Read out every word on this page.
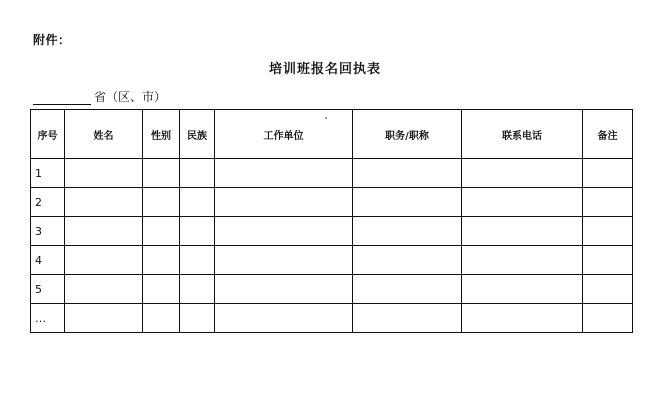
附件：
培训班报名回执表
省（区、市）
序号	姓名	性别	民族	工作单位	职务/职称	联系电话	备注
1							
2							
3							
4							
5							
…							
